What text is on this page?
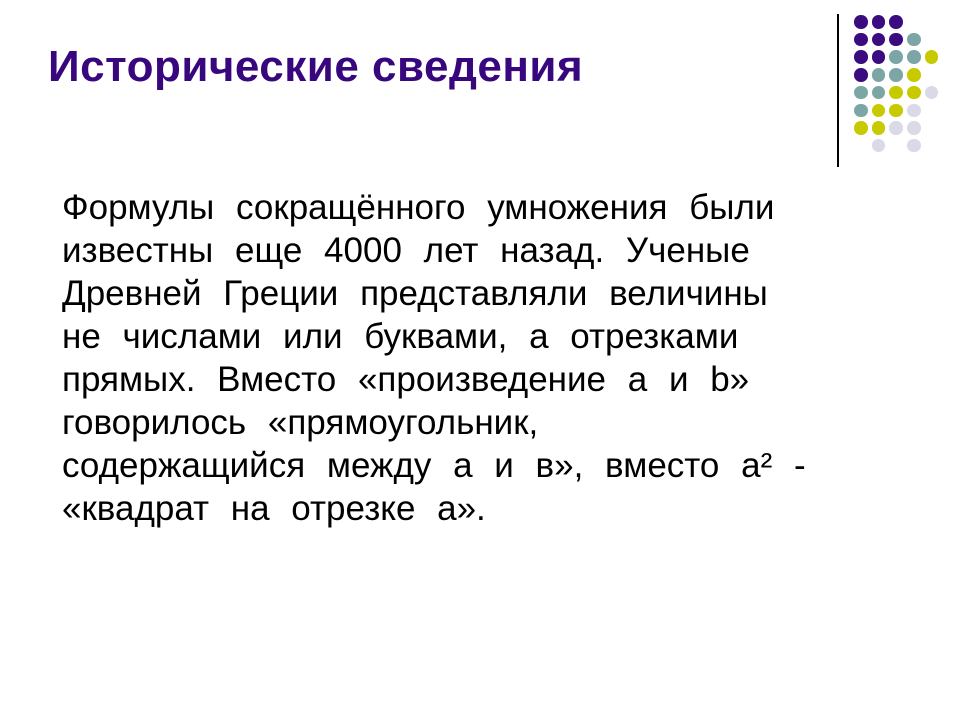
Исторические сведения
Формулы сокращённого умножения были
известны еще 4000 лет назад. Ученые
Древней Греции представляли величины
не числами или буквами, а отрезками
прямых. Вместо «произведение а и b»
говорилось «прямоугольник,
содержащийся между а и в», вместо а² -
«квадрат на отрезке а».
